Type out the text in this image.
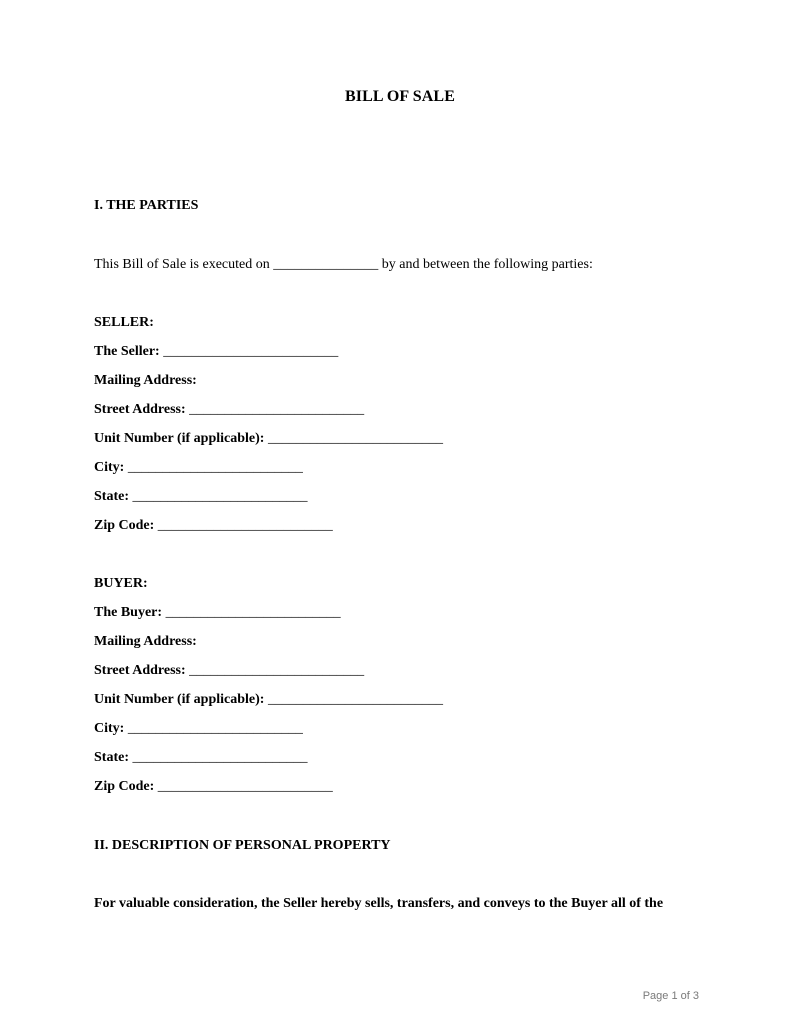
BILL OF SALE
I. THE PARTIES
This Bill of Sale is executed on _______________ by and between the following parties:
SELLER:
The Seller: _________________________
Mailing Address:
Street Address: _________________________
Unit Number (if applicable): _________________________
City: _________________________
State: _________________________
Zip Code: _________________________
BUYER:
The Buyer: _________________________
Mailing Address:
Street Address: _________________________
Unit Number (if applicable): _________________________
City: _________________________
State: _________________________
Zip Code: _________________________
II. DESCRIPTION OF PERSONAL PROPERTY
For valuable consideration, the Seller hereby sells, transfers, and conveys to the Buyer all of the
Page 1 of 3
